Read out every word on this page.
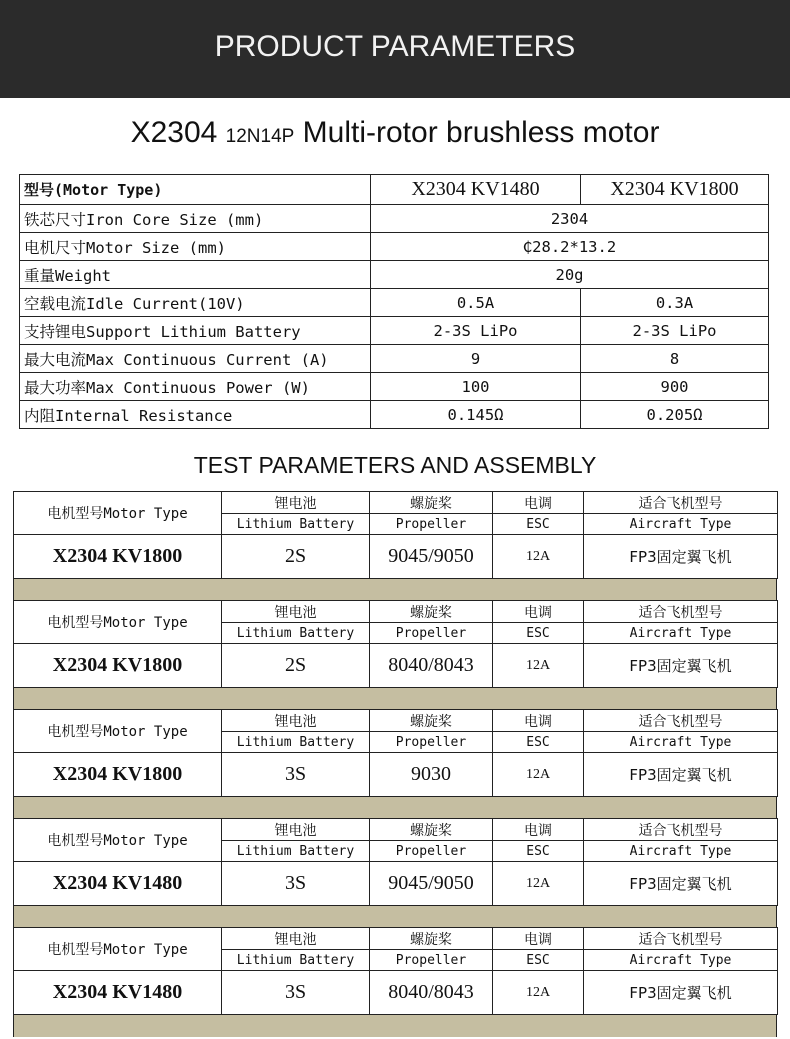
PRODUCT PARAMETERS
X2304 12N14P Multi-rotor brushless motor
型号(Motor Type)	X2304 KV1480	X2304 KV1800
铁芯尺寸Iron Core Size (mm)	2304	
电机尺寸Motor Size (mm)	₵28.2*13.2	
重量Weight	20g	
空载电流Idle Current(10V)	0.5A	0.3A
支持锂电Support Lithium Battery	2-3S LiPo	2-3S LiPo
最大电流Max Continuous Current (A)	9	8
最大功率Max Continuous Power (W)	100	900
内阻Internal Resistance	0.145Ω	0.205Ω
TEST PARAMETERS AND ASSEMBLY
电机型号Motor Type	锂电池	螺旋桨	电调	适合飞机型号
	Lithium Battery	Propeller	ESC	Aircraft Type
X2304 KV1800	2S	9045/9050	12A	FP3固定翼飞机
电机型号Motor Type	锂电池	螺旋桨	电调	适合飞机型号
	Lithium Battery	Propeller	ESC	Aircraft Type
X2304 KV1800	2S	8040/8043	12A	FP3固定翼飞机
电机型号Motor Type	锂电池	螺旋桨	电调	适合飞机型号
	Lithium Battery	Propeller	ESC	Aircraft Type
X2304 KV1800	3S	9030	12A	FP3固定翼飞机
电机型号Motor Type	锂电池	螺旋桨	电调	适合飞机型号
	Lithium Battery	Propeller	ESC	Aircraft Type
X2304 KV1480	3S	9045/9050	12A	FP3固定翼飞机
电机型号Motor Type	锂电池	螺旋桨	电调	适合飞机型号
	Lithium Battery	Propeller	ESC	Aircraft Type
X2304 KV1480	3S	8040/8043	12A	FP3固定翼飞机
